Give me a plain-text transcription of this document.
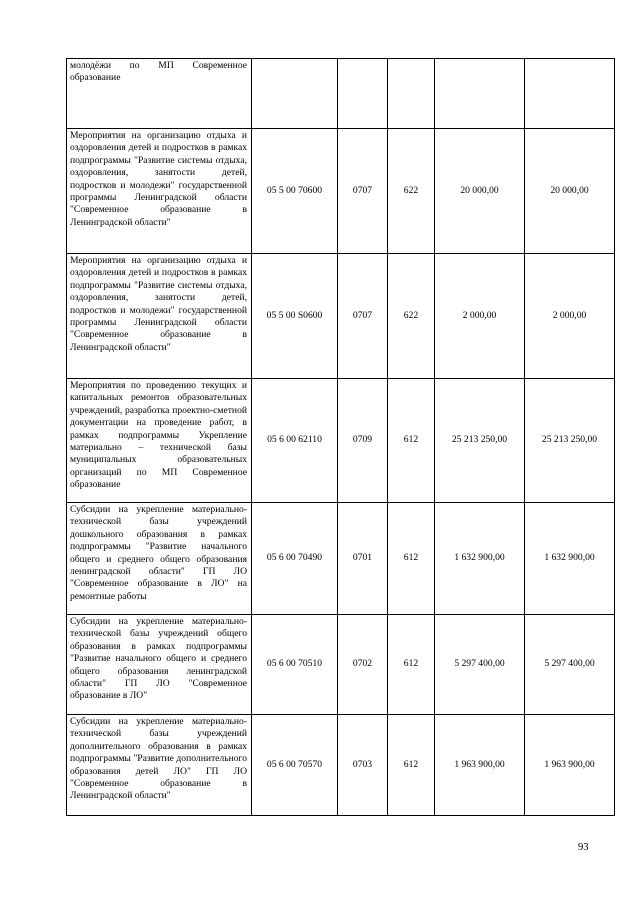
молодёжи по МП Современное образование					
Мероприятия на организацию отдыха и оздоровления детей и подростков в рамках подпрограммы "Развитие системы отдыха, оздоровления, занятости детей, подростков и молодежи" государственной программы Ленинградской области "Современное образование в Ленинградской области"	05 5 00 70600	0707	622	20 000,00	20 000,00
Мероприятия на организацию отдыха и оздоровления детей и подростков в рамках подпрограммы "Развитие системы отдыха, оздоровления, занятости детей, подростков и молодежи" государственной программы Ленинградской области "Современное образование в Ленинградской области"	05 5 00 S0600	0707	622	2 000,00	2 000,00
Мероприятия по проведению текущих и капитальных ремонтов образовательных учреждений, разработка проектно-сметной документации на проведение работ, в рамках подпрограммы Укрепление материально – технической базы муниципальных образовательных организаций по МП Современное образование	05 6 00 62110	0709	612	25 213 250,00	25 213 250,00
Субсидии на укрепление материально-технической базы учреждений дошкольного образования в рамках подпрограммы "Развитие начального общего и среднего общего образования ленинградской области" ГП ЛО "Современное образование в ЛО" на ремонтные работы	05 6 00 70490	0701	612	1 632 900,00	1 632 900,00
Субсидии на укрепление материально-технической базы учреждений общего образования в рамках подпрограммы "Развитие начального общего и среднего общего образования ленинградской области" ГП ЛО "Современное образование в ЛО"	05 6 00 70510	0702	612	5 297 400,00	5 297 400,00
Субсидии на укрепление материально-технической базы учреждений дополнительного образования в рамках подпрограммы "Развитие дополнительного образования детей ЛО" ГП ЛО "Современное образование в Ленинградской области"	05 6 00 70570	0703	612	1 963 900,00	1 963 900,00
93
